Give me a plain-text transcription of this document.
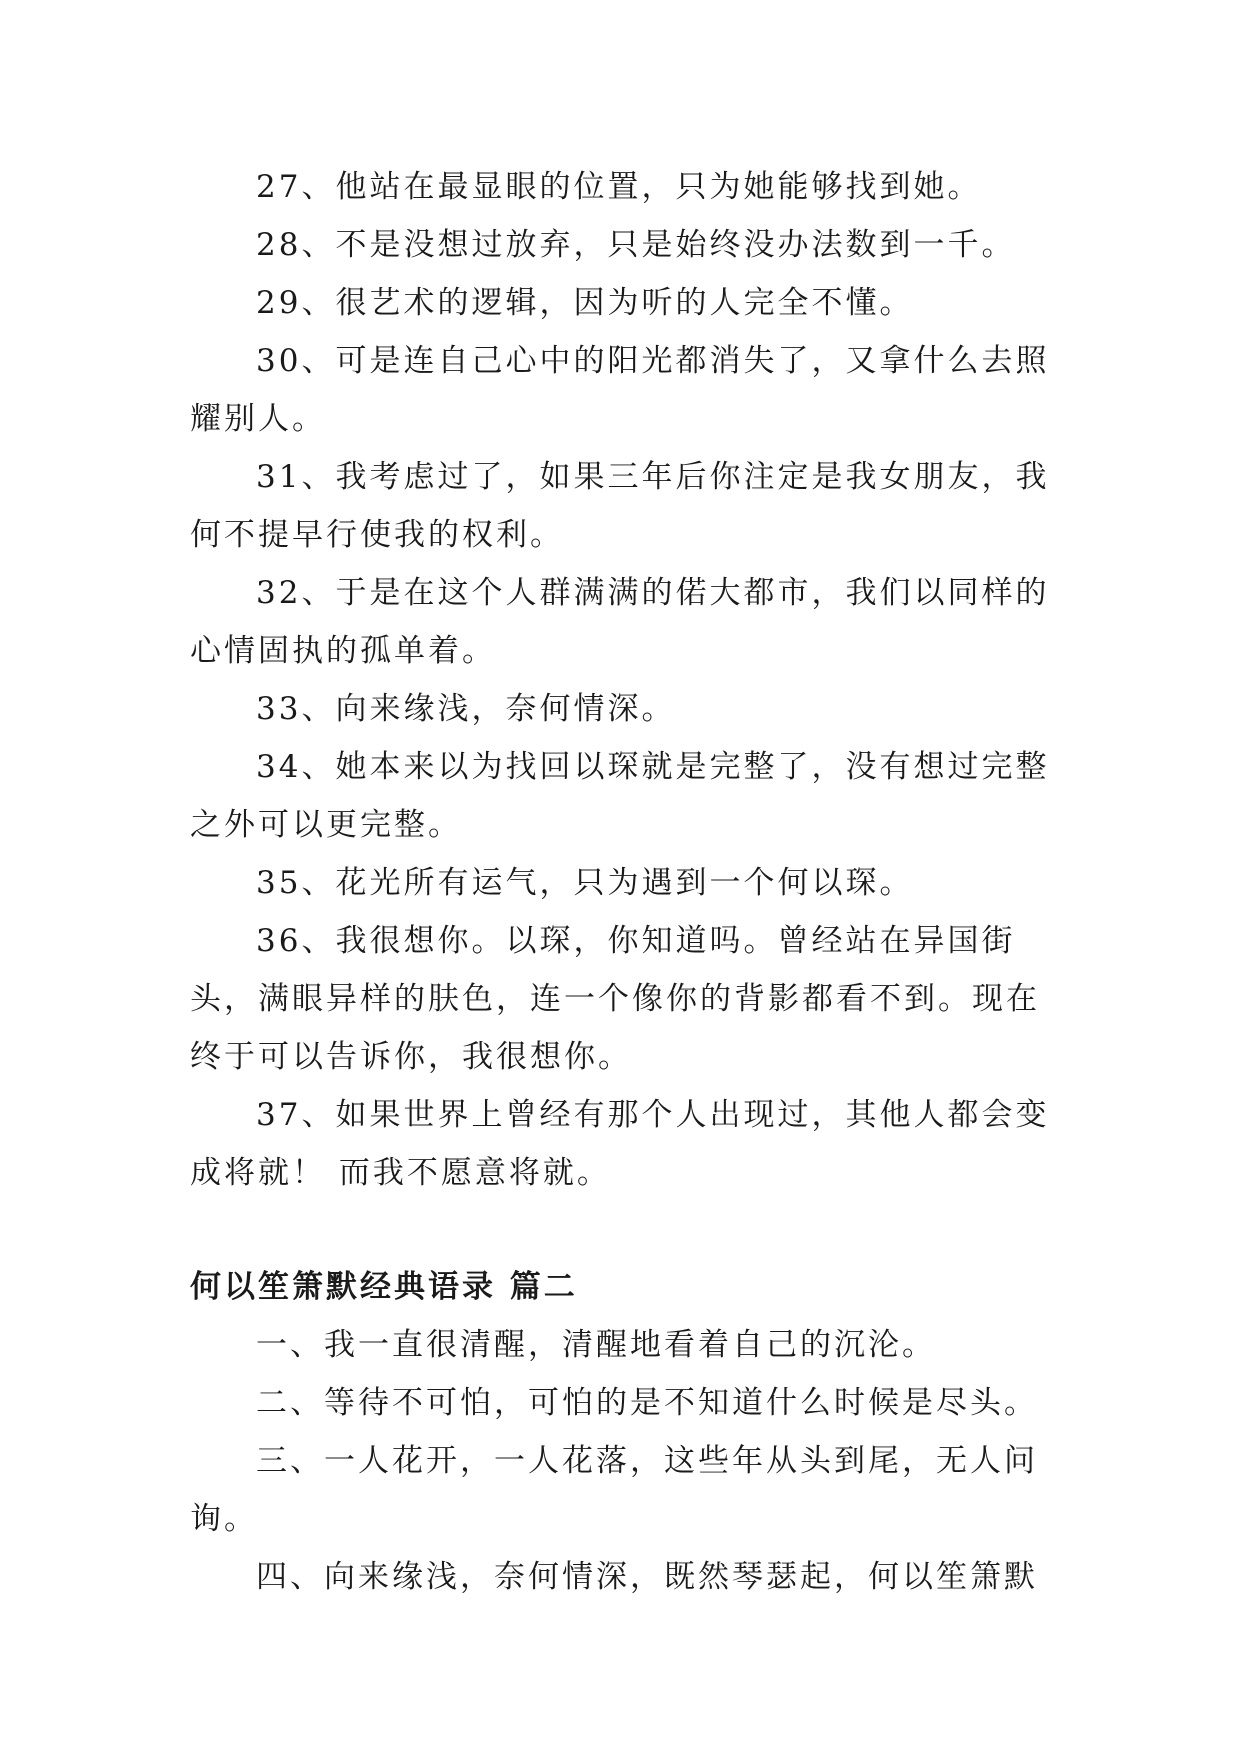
27、他站在最显眼的位置，只为她能够找到她。

28、不是没想过放弃，只是始终没办法数到一千。

29、很艺术的逻辑，因为听的人完全不懂。

30、可是连自己心中的阳光都消失了，又拿什么去照耀别人。

31、我考虑过了，如果三年后你注定是我女朋友，我何不提早行使我的权利。

32、于是在这个人群满满的偌大都市，我们以同样的心情固执的孤单着。

33、向来缘浅，奈何情深。

34、她本来以为找回以琛就是完整了，没有想过完整之外可以更完整。

35、花光所有运气，只为遇到一个何以琛。

36、我很想你。以琛，你知道吗。曾经站在异国街头，满眼异样的肤色，连一个像你的背影都看不到。现在终于可以告诉你，我很想你。

37、如果世界上曾经有那个人出现过，其他人都会变成将就！ 而我不愿意将就。

何以笙箫默经典语录 篇二

一、我一直很清醒，清醒地看着自己的沉沦。

二、等待不可怕，可怕的是不知道什么时候是尽头。

三、一人花开，一人花落，这些年从头到尾，无人问询。

四、向来缘浅，奈何情深，既然琴瑟起，何以笙箫默
